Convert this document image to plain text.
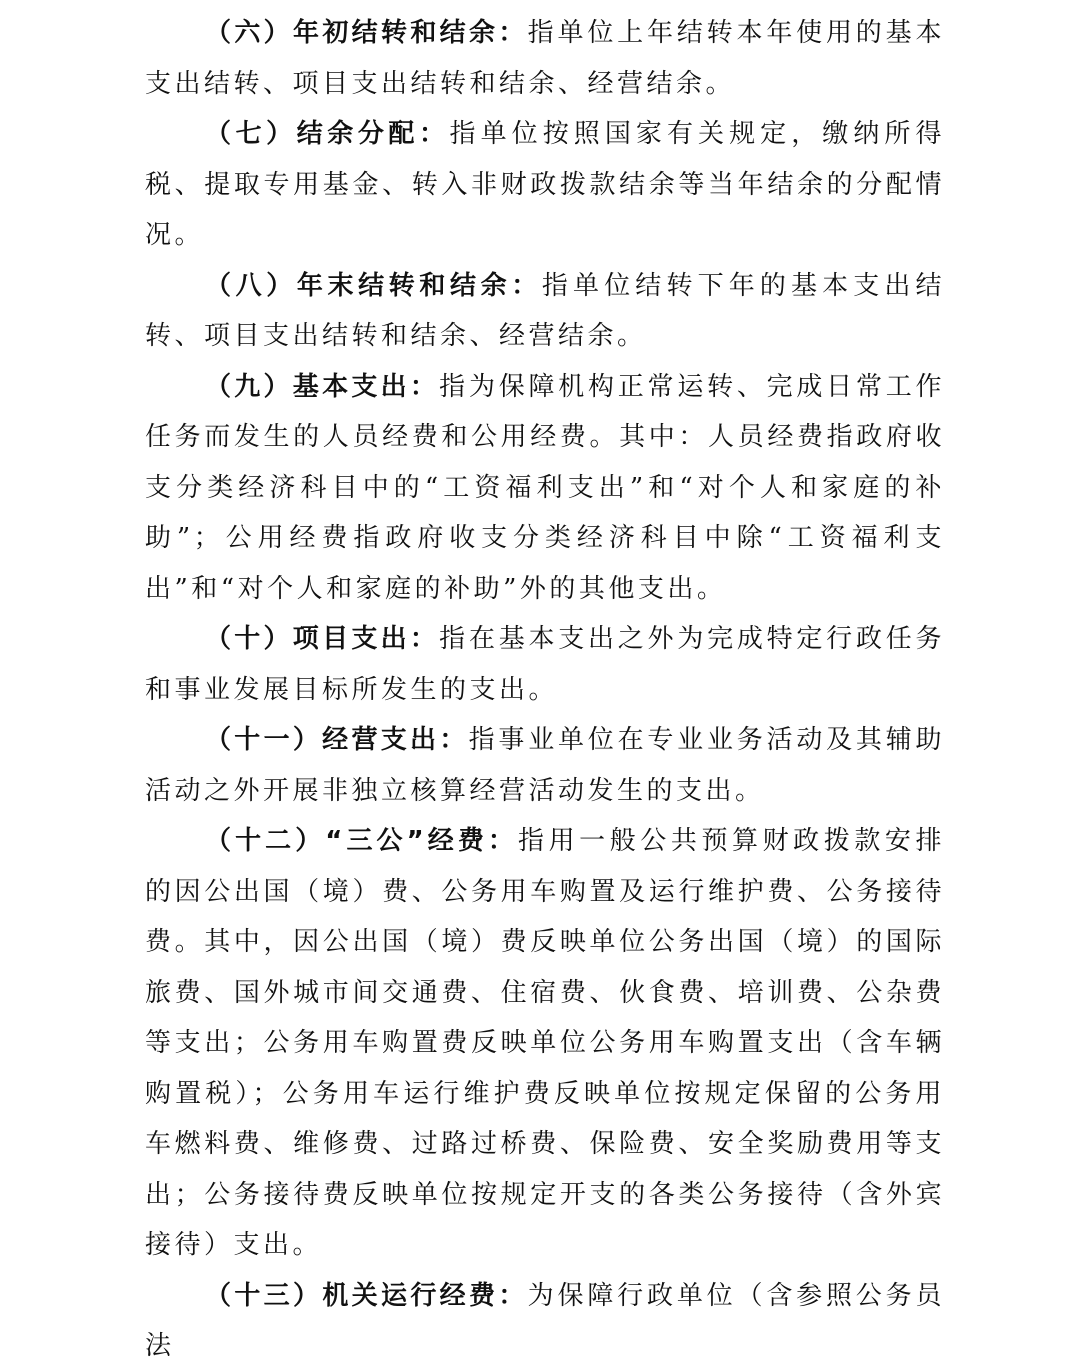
（六）年初结转和结余：指单位上年结转本年使用的基本支出结转、项目支出结转和结余、经营结余。

（七）结余分配：指单位按照国家有关规定，缴纳所得税、提取专用基金、转入非财政拨款结余等当年结余的分配情况。

（八）年末结转和结余：指单位结转下年的基本支出结转、项目支出结转和结余、经营结余。

（九）基本支出：指为保障机构正常运转、完成日常工作任务而发生的人员经费和公用经费。其中：人员经费指政府收支分类经济科目中的“工资福利支出”和“对个人和家庭的补助”；公用经费指政府收支分类经济科目中除“工资福利支出”和“对个人和家庭的补助”外的其他支出。

（十）项目支出：指在基本支出之外为完成特定行政任务和事业发展目标所发生的支出。

（十一）经营支出：指事业单位在专业业务活动及其辅助活动之外开展非独立核算经营活动发生的支出。

（十二）“三公”经费：指用一般公共预算财政拨款安排的因公出国（境）费、公务用车购置及运行维护费、公务接待费。其中，因公出国（境）费反映单位公务出国（境）的国际旅费、国外城市间交通费、住宿费、伙食费、培训费、公杂费等支出；公务用车购置费反映单位公务用车购置支出（含车辆购置税）；公务用车运行维护费反映单位按规定保留的公务用车燃料费、维修费、过路过桥费、保险费、安全奖励费用等支出；公务接待费反映单位按规定开支的各类公务接待（含外宾接待）支出。

（十三）机关运行经费：为保障行政单位（含参照公务员法
